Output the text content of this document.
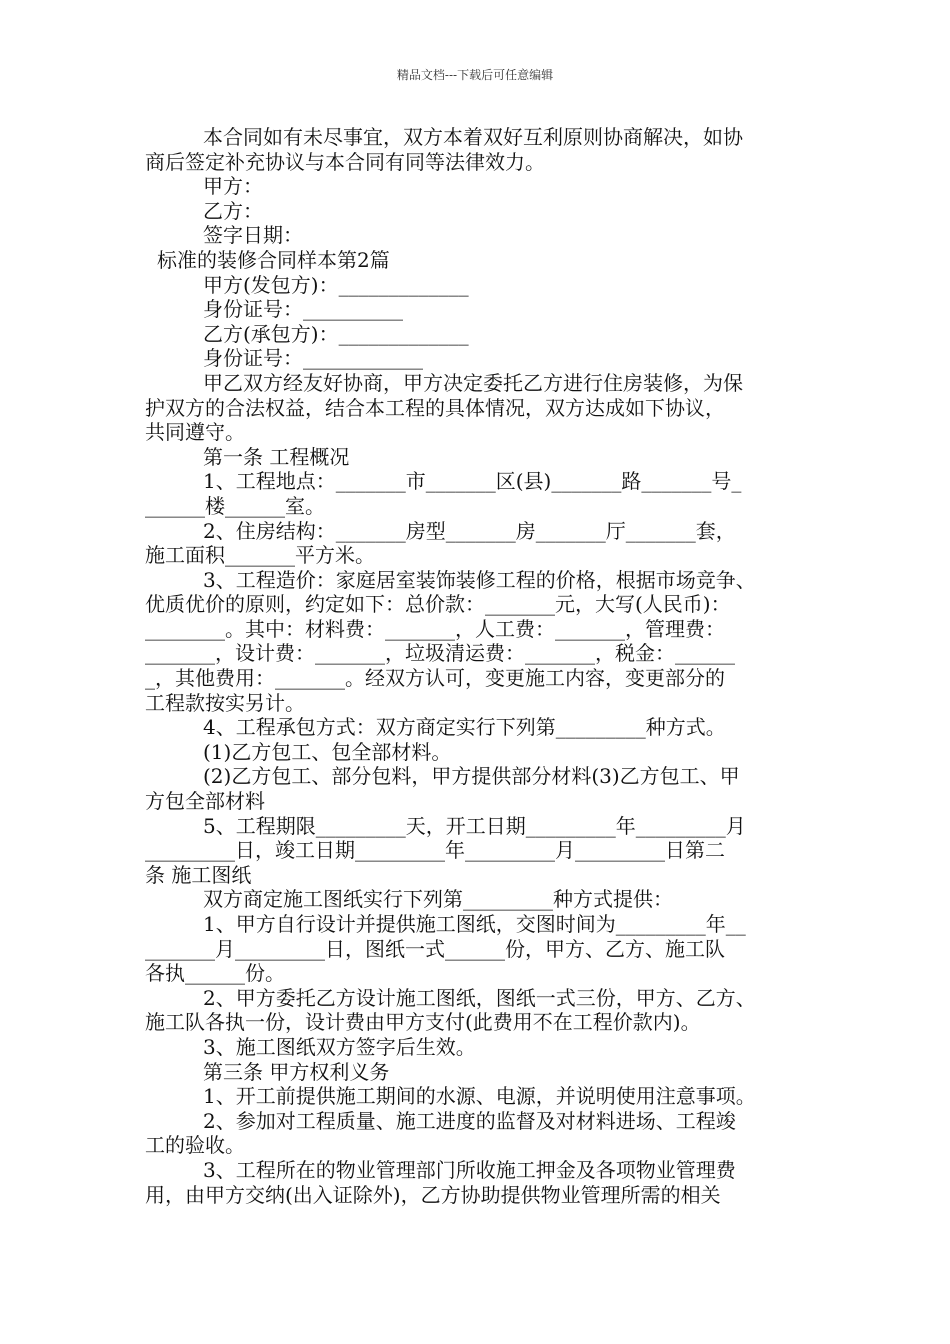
精品文档---下载后可任意编辑
本合同如有未尽事宜，双方本着双好互利原则协商解决，如协
商后签定补充协议与本合同有同等法律效力。
甲方：
乙方：
签字日期：
标准的装修合同样本第2篇
甲方(发包方)：_____________
身份证号：__________
乙方(承包方)：_____________
身份证号：____________
甲乙双方经友好协商，甲方决定委托乙方进行住房装修，为保
护双方的合法权益，结合本工程的具体情况，双方达成如下协议，
共同遵守。
第一条 工程概况
1、工程地点：_______市_______区(县)_______路_______号_
______楼______室。
2、住房结构：_______房型_______房_______厅_______套，
施工面积_______平方米。
3、工程造价：家庭居室装饰装修工程的价格，根据市场竞争、
优质优价的原则，约定如下：总价款：_______元，大写(人民币)：
________。其中：材料费：_______，人工费：_______，管理费：
_______，设计费：_______，垃圾清运费：_______，税金：______
_，其他费用：_______。经双方认可，变更施工内容，变更部分的
工程款按实另计。
4、工程承包方式：双方商定实行下列第_________种方式。
(1)乙方包工、包全部材料。
(2)乙方包工、部分包料，甲方提供部分材料(3)乙方包工、甲
方包全部材料
5、工程期限_________天，开工日期_________年_________月
_________日，竣工日期_________年_________月_________日第二
条 施工图纸
双方商定施工图纸实行下列第_________种方式提供：
1、甲方自行设计并提供施工图纸，交图时间为_________年__
_______月_________日，图纸一式______份，甲方、乙方、施工队
各执______份。
2、甲方委托乙方设计施工图纸，图纸一式三份，甲方、乙方、
施工队各执一份，设计费由甲方支付(此费用不在工程价款内)。
3、施工图纸双方签字后生效。
第三条 甲方权利义务
1、开工前提供施工期间的水源、电源，并说明使用注意事项。
2、参加对工程质量、施工进度的监督及对材料进场、工程竣
工的验收。
3、工程所在的物业管理部门所收施工押金及各项物业管理费
用，由甲方交纳(出入证除外)，乙方协助提供物业管理所需的相关
